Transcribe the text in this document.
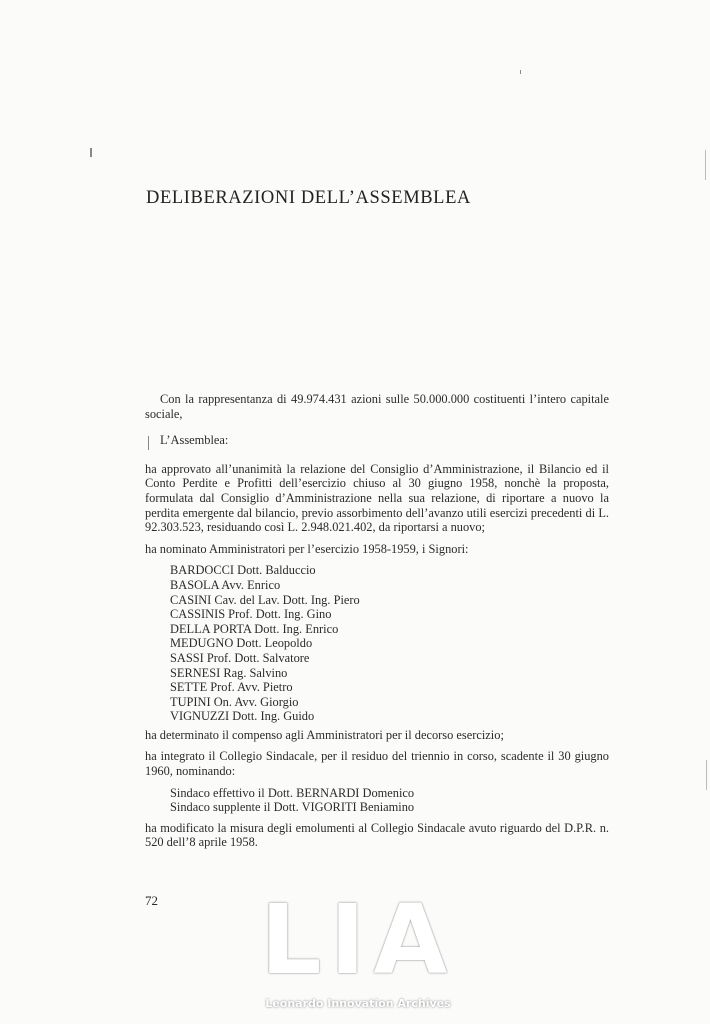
DELIBERAZIONI DELL’ASSEMBLEA

Con la rappresentanza di 49.974.431 azioni sulle 50.000.000 costituenti l’intero capitale sociale,

L’Assemblea:

ha approvato all’unanimità la relazione del Consiglio d’Amministrazione, il Bilancio ed il Conto Perdite e Profitti dell’esercizio chiuso al 30 giugno 1958, nonchè la proposta, formulata dal Consiglio d’Amministrazione nella sua relazione, di riportare a nuovo la perdita emergente dal bilancio, previo assorbimento dell’avanzo utili esercizi precedenti di L. 92.303.523, residuando così L. 2.948.021.402, da riportarsi a nuovo;

ha nominato Amministratori per l’esercizio 1958-1959, i Signori:

BARDOCCI Dott. Balduccio
BASOLA Avv. Enrico
CASINI Cav. del Lav. Dott. Ing. Piero
CASSINIS Prof. Dott. Ing. Gino
DELLA PORTA Dott. Ing. Enrico
MEDUGNO Dott. Leopoldo
SASSI Prof. Dott. Salvatore
SERNESI Rag. Salvino
SETTE Prof. Avv. Pietro
TUPINI On. Avv. Giorgio
VIGNUZZI Dott. Ing. Guido

ha determinato il compenso agli Amministratori per il decorso esercizio;

ha integrato il Collegio Sindacale, per il residuo del triennio in corso, scadente il 30 giugno 1960, nominando:

Sindaco effettivo il Dott. BERNARDI Domenico
Sindaco supplente il Dott. VIGORITI Beniamino

ha modificato la misura degli emolumenti al Collegio Sindacale avuto riguardo del D.P.R. n. 520 dell’8 aprile 1958.

72 LIA
Leonardo Innovation Archives
